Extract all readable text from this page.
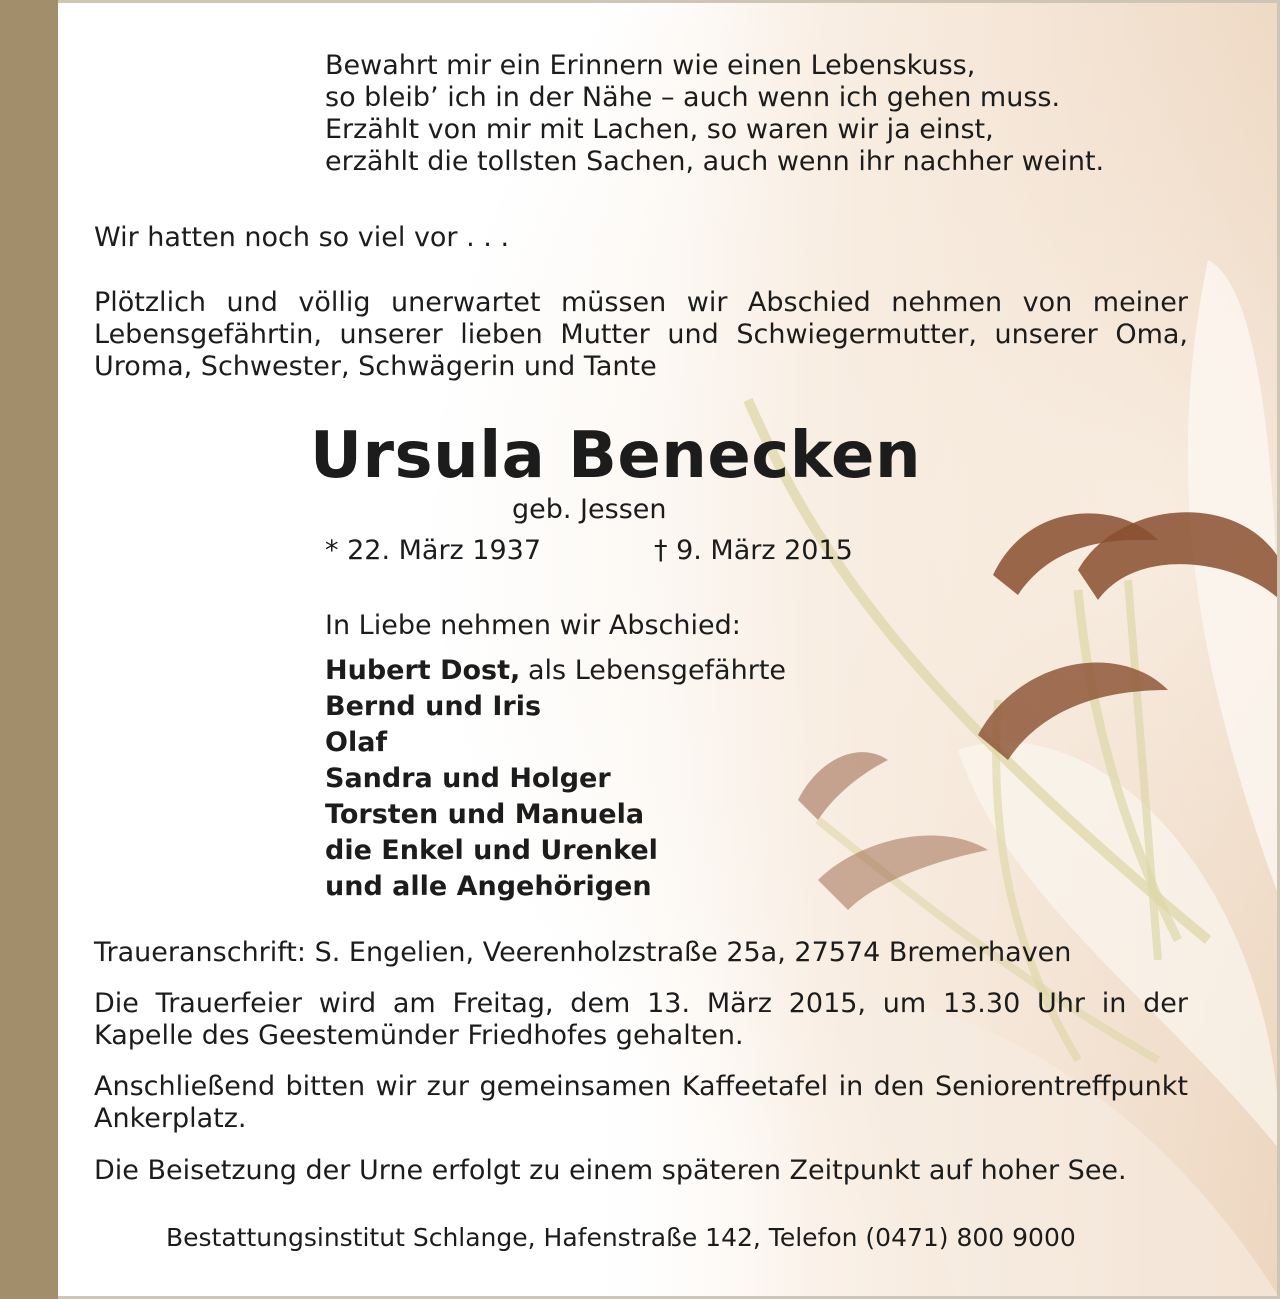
Bewahrt mir ein Erinnern wie einen Lebenskuss,
so bleib’ ich in der Nähe – auch wenn ich gehen muss.
Erzählt von mir mit Lachen, so waren wir ja einst,
erzählt die tollsten Sachen, auch wenn ihr nachher weint.
Wir hatten noch so viel vor . . .
Plötzlich und völlig unerwartet müssen wir Abschied nehmen von meiner Lebensgefährtin, unserer lieben Mutter und Schwiegermutter, unserer Oma, Uroma, Schwester, Schwägerin und Tante
Ursula Benecken
geb. Jessen
* 22. März 1937	† 9. März 2015
In Liebe nehmen wir Abschied:
Hubert Dost, als Lebensgefährte
Bernd und Iris
Olaf
Sandra und Holger
Torsten und Manuela
die Enkel und Urenkel
und alle Angehörigen
Traueranschrift: S. Engelien, Veerenholzstraße 25a, 27574 Bremerhaven
Die Trauerfeier wird am Freitag, dem 13. März 2015, um 13.30 Uhr in der Kapelle des Geestemünder Friedhofes gehalten.
Anschließend bitten wir zur gemeinsamen Kaffeetafel in den Seniorentreffpunkt Ankerplatz.
Die Beisetzung der Urne erfolgt zu einem späteren Zeitpunkt auf hoher See.
Bestattungsinstitut Schlange, Hafenstraße 142, Telefon (0471) 800 9000
